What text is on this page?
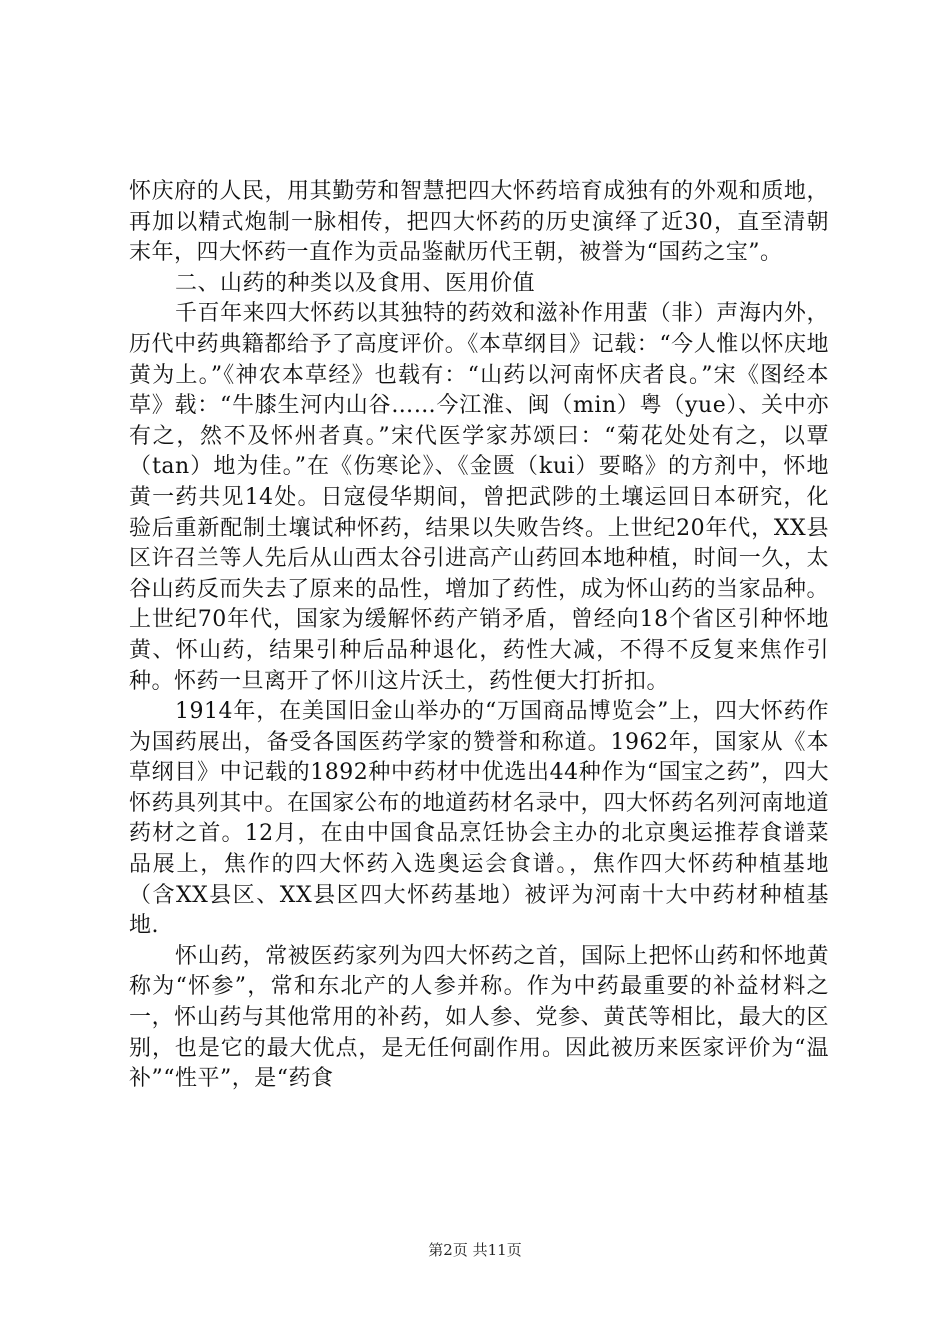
怀庆府的人民，用其勤劳和智慧把四大怀药培育成独有的外观和质地，再加以精式炮制一脉相传，把四大怀药的历史演绎了近30，直至清朝末年，四大怀药一直作为贡品鉴献历代王朝，被誉为“国药之宝”。

二、山药的种类以及食用、医用价值

千百年来四大怀药以其独特的药效和滋补作用蜚（非）声海内外，历代中药典籍都给予了高度评价。《本草纲目》记载：“今人惟以怀庆地黄为上。”《神农本草经》也载有：“山药以河南怀庆者良。”宋《图经本草》载：“牛膝生河内山谷……今江淮、闽（min）粤（yue）、关中亦有之，然不及怀州者真。”宋代医学家苏颂曰：“菊花处处有之，以覃（tan）地为佳。”在《伤寒论》、《金匮（kui）要略》的方剂中，怀地黄一药共见14处。日寇侵华期间，曾把武陟的土壤运回日本研究，化验后重新配制土壤试种怀药，结果以失败告终。上世纪20年代，XX县区许召兰等人先后从山西太谷引进高产山药回本地种植，时间一久，太谷山药反而失去了原来的品性，增加了药性，成为怀山药的当家品种。上世纪70年代，国家为缓解怀药产销矛盾，曾经向18个省区引种怀地黄、怀山药，结果引种后品种退化，药性大减，不得不反复来焦作引种。怀药一旦离开了怀川这片沃土，药性便大打折扣。

1914年，在美国旧金山举办的“万国商品博览会”上，四大怀药作为国药展出，备受各国医药学家的赞誉和称道。1962年，国家从《本草纲目》中记载的1892种中药材中优选出44种作为“国宝之药”，四大怀药具列其中。在国家公布的地道药材名录中，四大怀药名列河南地道药材之首。12月，在由中国食品烹饪协会主办的北京奥运推荐食谱菜品展上，焦作的四大怀药入选奥运会食谱。，焦作四大怀药种植基地（含XX县区、XX县区四大怀药基地）被评为河南十大中药材种植基地.

怀山药，常被医药家列为四大怀药之首，国际上把怀山药和怀地黄称为“怀参”，常和东北产的人参并称。作为中药最重要的补益材料之一，怀山药与其他常用的补药，如人参、党参、黄芪等相比，最大的区别，也是它的最大优点，是无任何副作用。因此被历来医家评价为“温补”“性平”，是“药食

第2页 共11页
